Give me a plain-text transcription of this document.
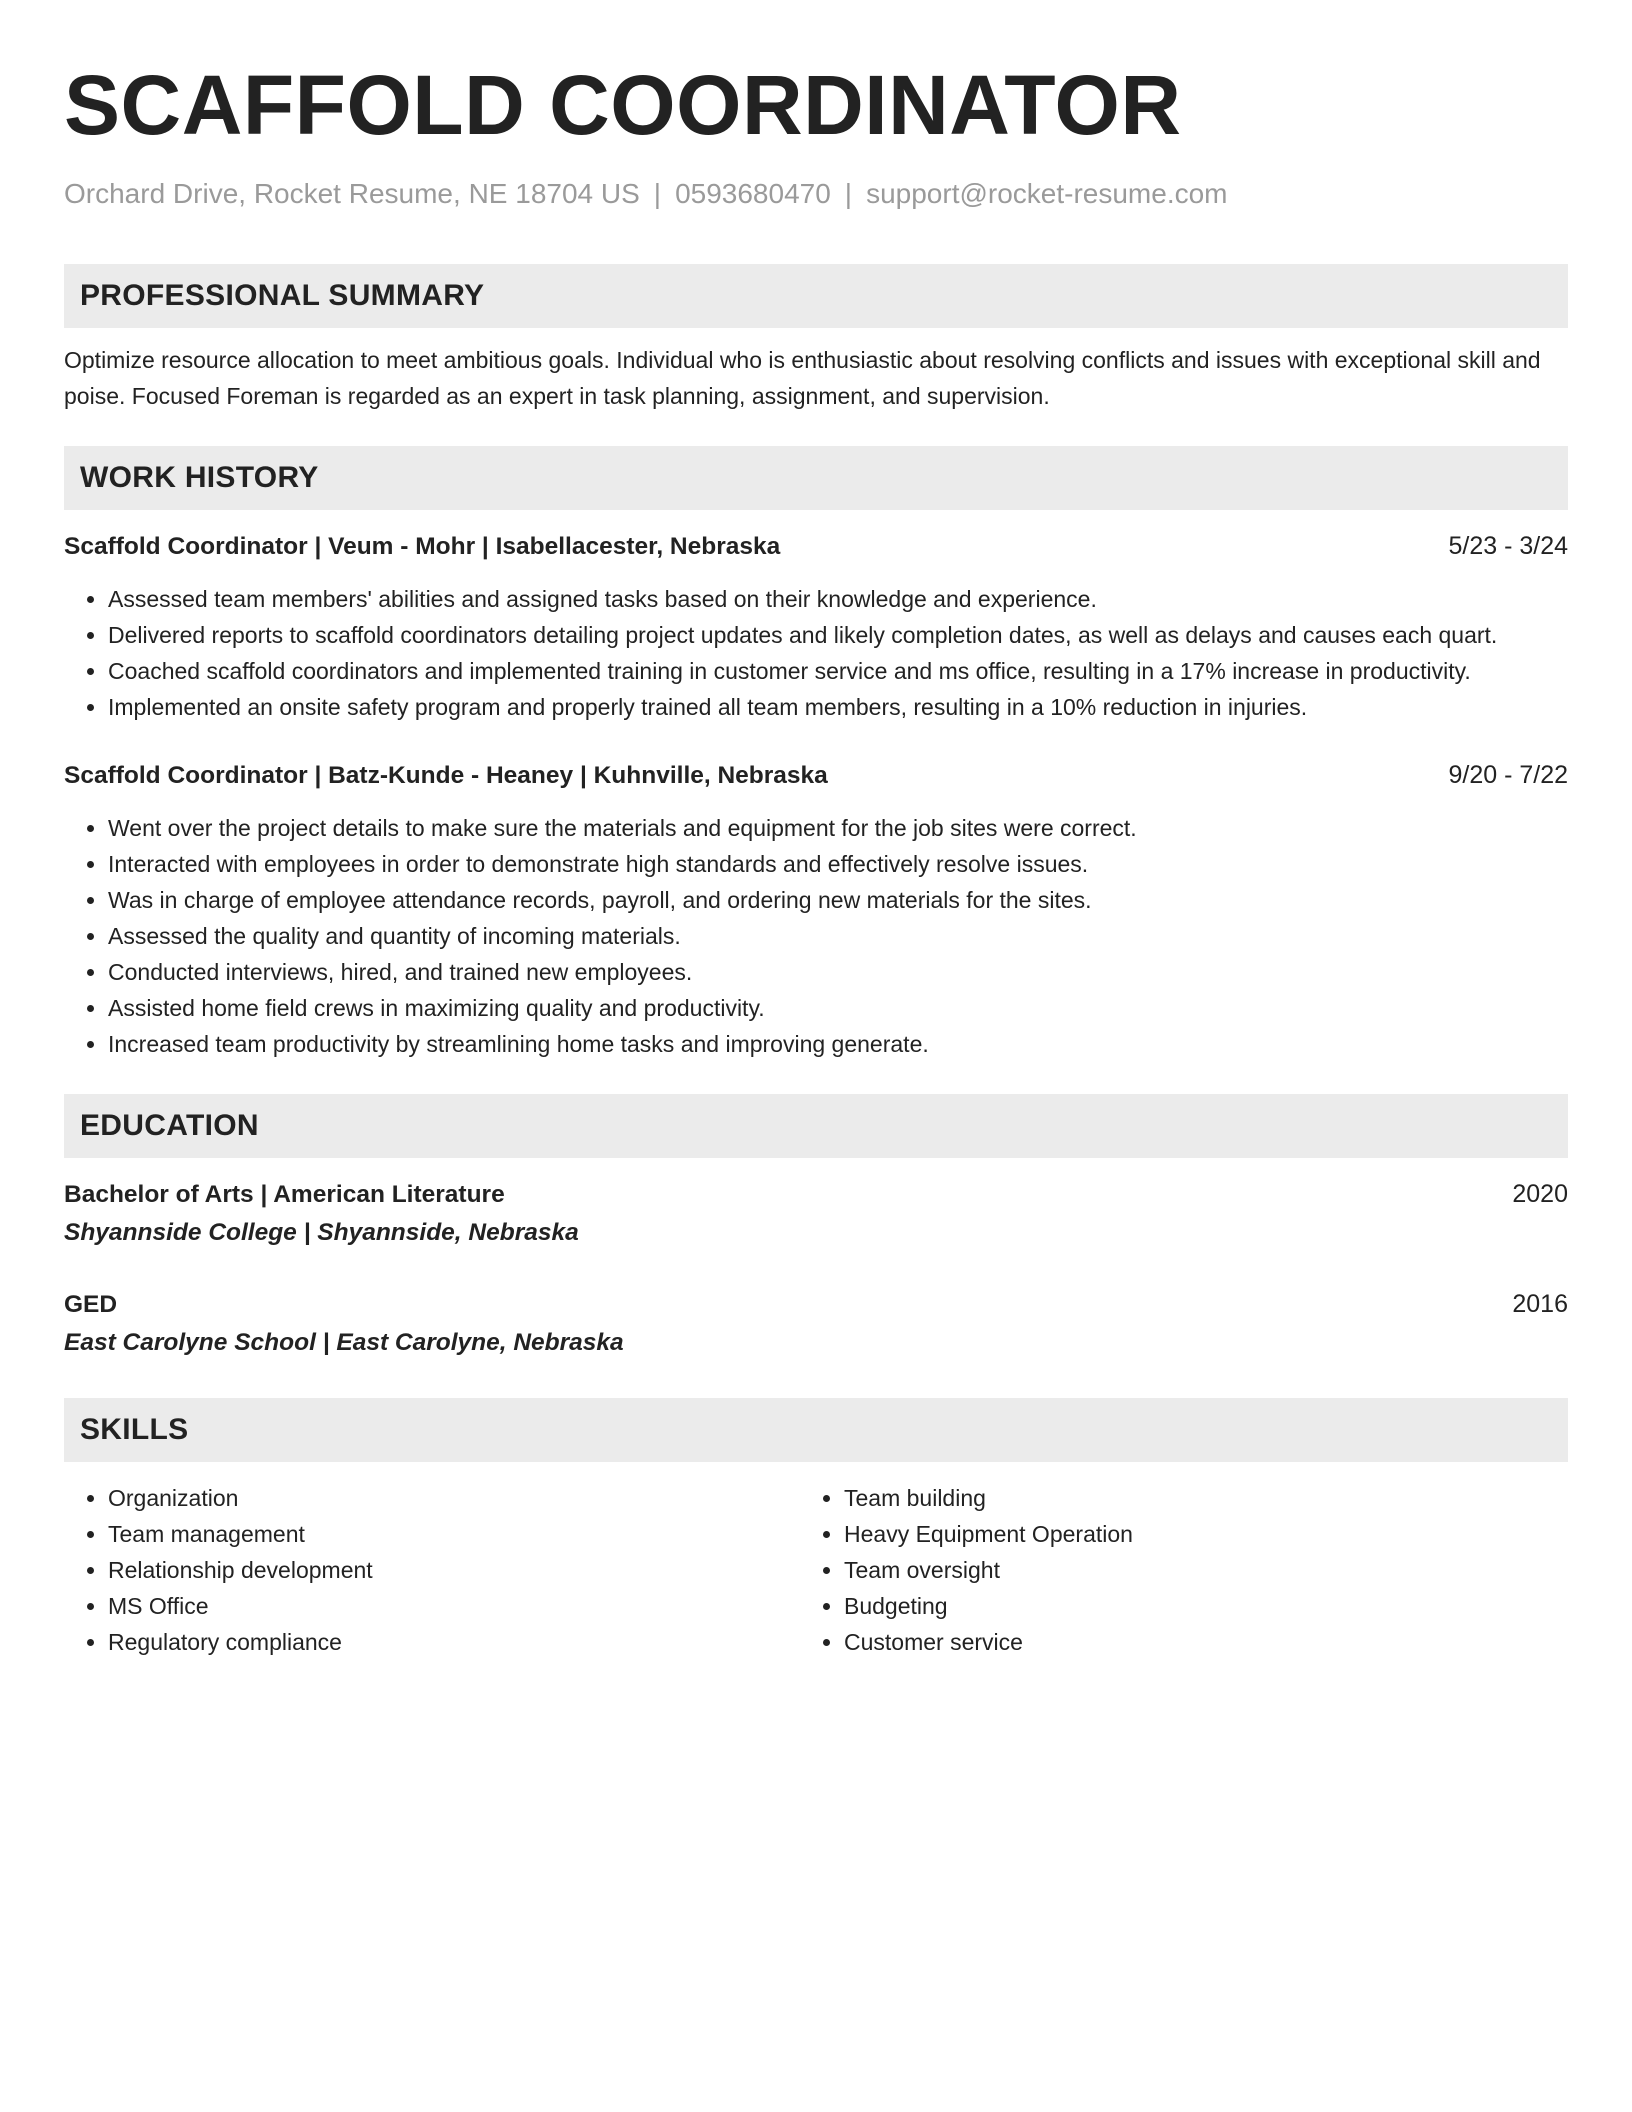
SCAFFOLD COORDINATOR
Orchard Drive, Rocket Resume, NE 18704 US | 0593680470 | support@rocket-resume.com
PROFESSIONAL SUMMARY
Optimize resource allocation to meet ambitious goals. Individual who is enthusiastic about resolving conflicts and issues with exceptional skill and poise. Focused Foreman is regarded as an expert in task planning, assignment, and supervision.
WORK HISTORY
Scaffold Coordinator | Veum - Mohr | Isabellacester, Nebraska	5/23 - 3/24
• Assessed team members' abilities and assigned tasks based on their knowledge and experience.
• Delivered reports to scaffold coordinators detailing project updates and likely completion dates, as well as delays and causes each quart.
• Coached scaffold coordinators and implemented training in customer service and ms office, resulting in a 17% increase in productivity.
• Implemented an onsite safety program and properly trained all team members, resulting in a 10% reduction in injuries.
Scaffold Coordinator | Batz-Kunde - Heaney | Kuhnville, Nebraska	9/20 - 7/22
• Went over the project details to make sure the materials and equipment for the job sites were correct.
• Interacted with employees in order to demonstrate high standards and effectively resolve issues.
• Was in charge of employee attendance records, payroll, and ordering new materials for the sites.
• Assessed the quality and quantity of incoming materials.
• Conducted interviews, hired, and trained new employees.
• Assisted home field crews in maximizing quality and productivity.
• Increased team productivity by streamlining home tasks and improving generate.
EDUCATION
Bachelor of Arts | American Literature	2020
Shyannside College | Shyannside, Nebraska
GED	2016
East Carolyne School | East Carolyne, Nebraska
SKILLS
• Organization
• Team management
• Relationship development
• MS Office
• Regulatory compliance
• Team building
• Heavy Equipment Operation
• Team oversight
• Budgeting
• Customer service
